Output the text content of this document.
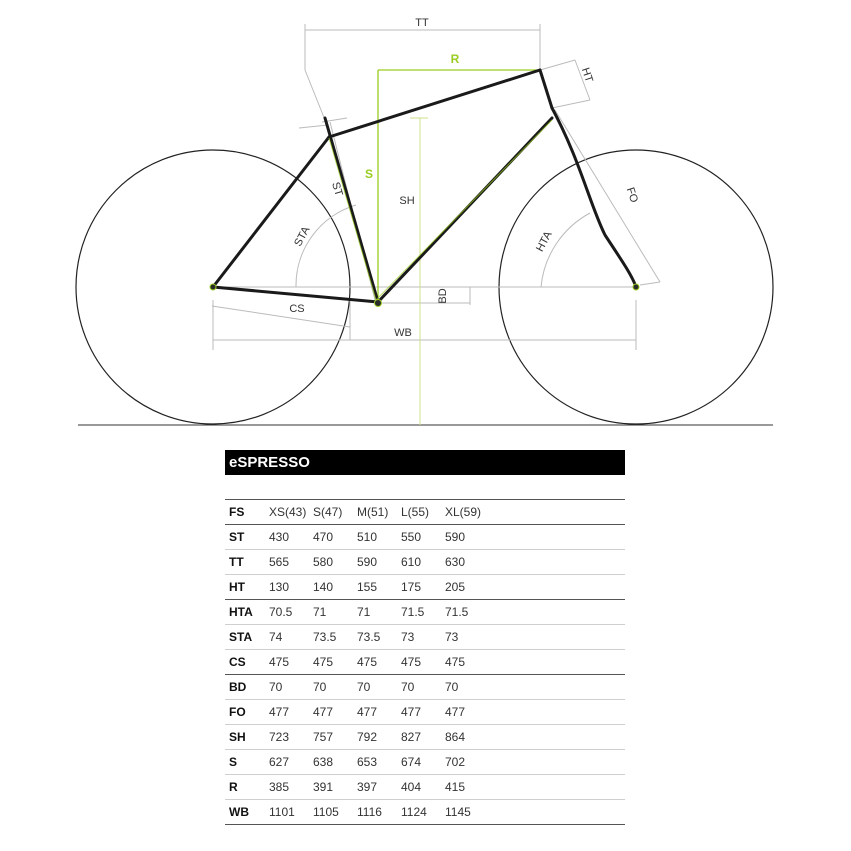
TT
R
HT
S
SH
ST
STA	HTA
FO
BD
CS
WB
eSPRESSO
FS	XS(43)	S(47)	M(51)	L(55)	XL(59)	
ST	430	470	510	550	590	
TT	565	580	590	610	630	
HT	130	140	155	175	205	
HTA	70.5	71	71	71.5	71.5	
STA	74	73.5	73.5	73	73	
CS	475	475	475	475	475	
BD	70	70	70	70	70	
FO	477	477	477	477	477	
SH	723	757	792	827	864	
S	627	638	653	674	702	
R	385	391	397	404	415	
WB	1101	1105	1116	1124	1145	
